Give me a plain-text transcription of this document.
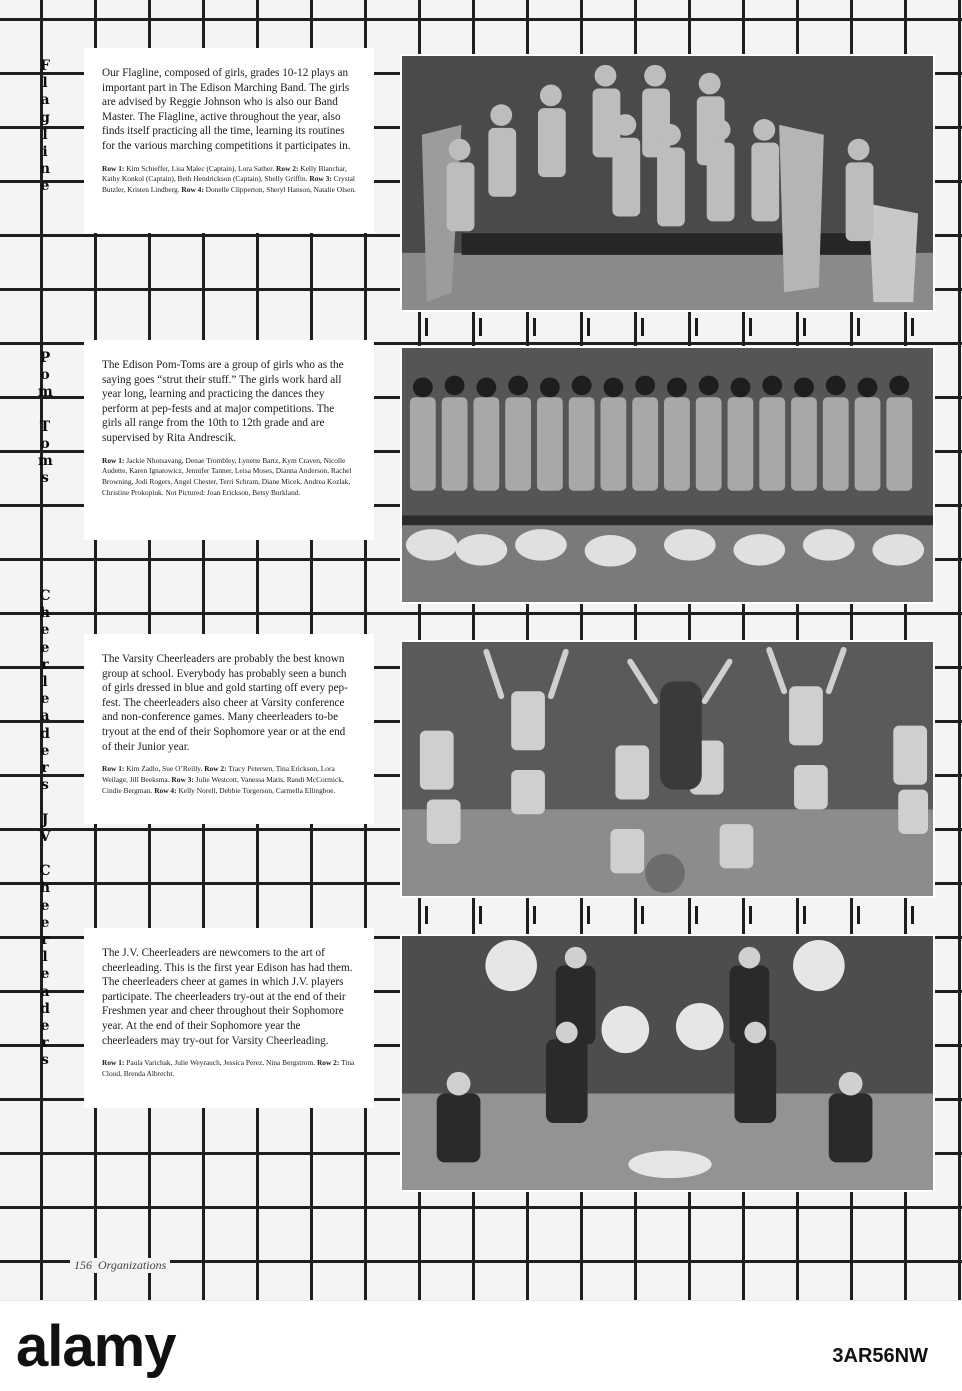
F
l
a
g
l
i
n
e
P
o
m

T
o
m
s
C
h
e
e
r
l
e
a
d
e
r
s

J
V

C
h
e
e
r
l
e
a
d
e
r
s

Our Flagline, composed of girls, grades 10-12 plays an important part in The Edison Marching Band. The girls are advised by Reggie Johnson who is also our Band Master. The Flagline, active throughout the year, also finds itself practicing all the time, learning its routines for the various marching competitions it participates in.

Row 1: Kim Schieffer, Lisa Malec (Captain), Lora Sather. Row 2: Kelly Blanchar, Kathy Konkol (Captain), Beth Hendrickson (Captain), Shelly Griffin. Row 3: Crystal Butzler, Kristen Lindberg. Row 4: Donelle Clipperton, Sheryl Hanson, Natalie Olsen.

The Edison Pom-Toms are a group of girls who as the saying goes “strut their stuff.” The girls work hard all year long, learning and practicing the dances they perform at pep-fests and at major competitions. The girls all range from the 10th to 12th grade and are supervised by Rita Andrescik.

Row 1: Jackie Nhotsavang, Denae Trombley, Lynette Bartz, Kym Craven, Nicolle Audette, Karen Ignatowicz, Jennifer Tanner, Leisa Moses, Dianna Anderson, Rachel Browning, Jodi Rogers, Angel Chester, Terri Schram, Diane Micek, Andrea Kozlak, Christine Prokopiuk. Not Pictured: Joan Erickson, Betsy Burkland.

The Varsity Cheerleaders are probably the best known group at school. Everybody has probably seen a bunch of girls dressed in blue and gold starting off every pep-fest. The cheerleaders also cheer at Varsity conference and non-conference games. Many cheerleaders to-be tryout at the end of their Sophomore year or at the end of their Junior year.

Row 1: Kim Zadlo, Sue O’Reilly. Row 2: Tracy Petersen, Tina Erickson, Lora Weilage, Jill Beeksma. Row 3: Julie Westcott, Vanessa Matis, Randi McCormick, Cindie Bergman. Row 4: Kelly Norell, Debbie Torgerson, Carmella Ellingboe.

The J.V. Cheerleaders are newcomers to the art of cheerleading. This is the first year Edison has had them. The cheerleaders cheer at games in which J.V. players participate. The cheerleaders try-out at the end of their Freshmen year and cheer throughout their Sophomore year. At the end of their Sophomore year the cheerleaders may try-out for Varsity Cheerleading.

Row 1: Paula Varichak, Julie Weyrauch, Jessica Perez, Nina Bergstrom. Row 2: Tina Cloud, Brenda Albrecht.

156 Organizations
alamy	3AR56NW
